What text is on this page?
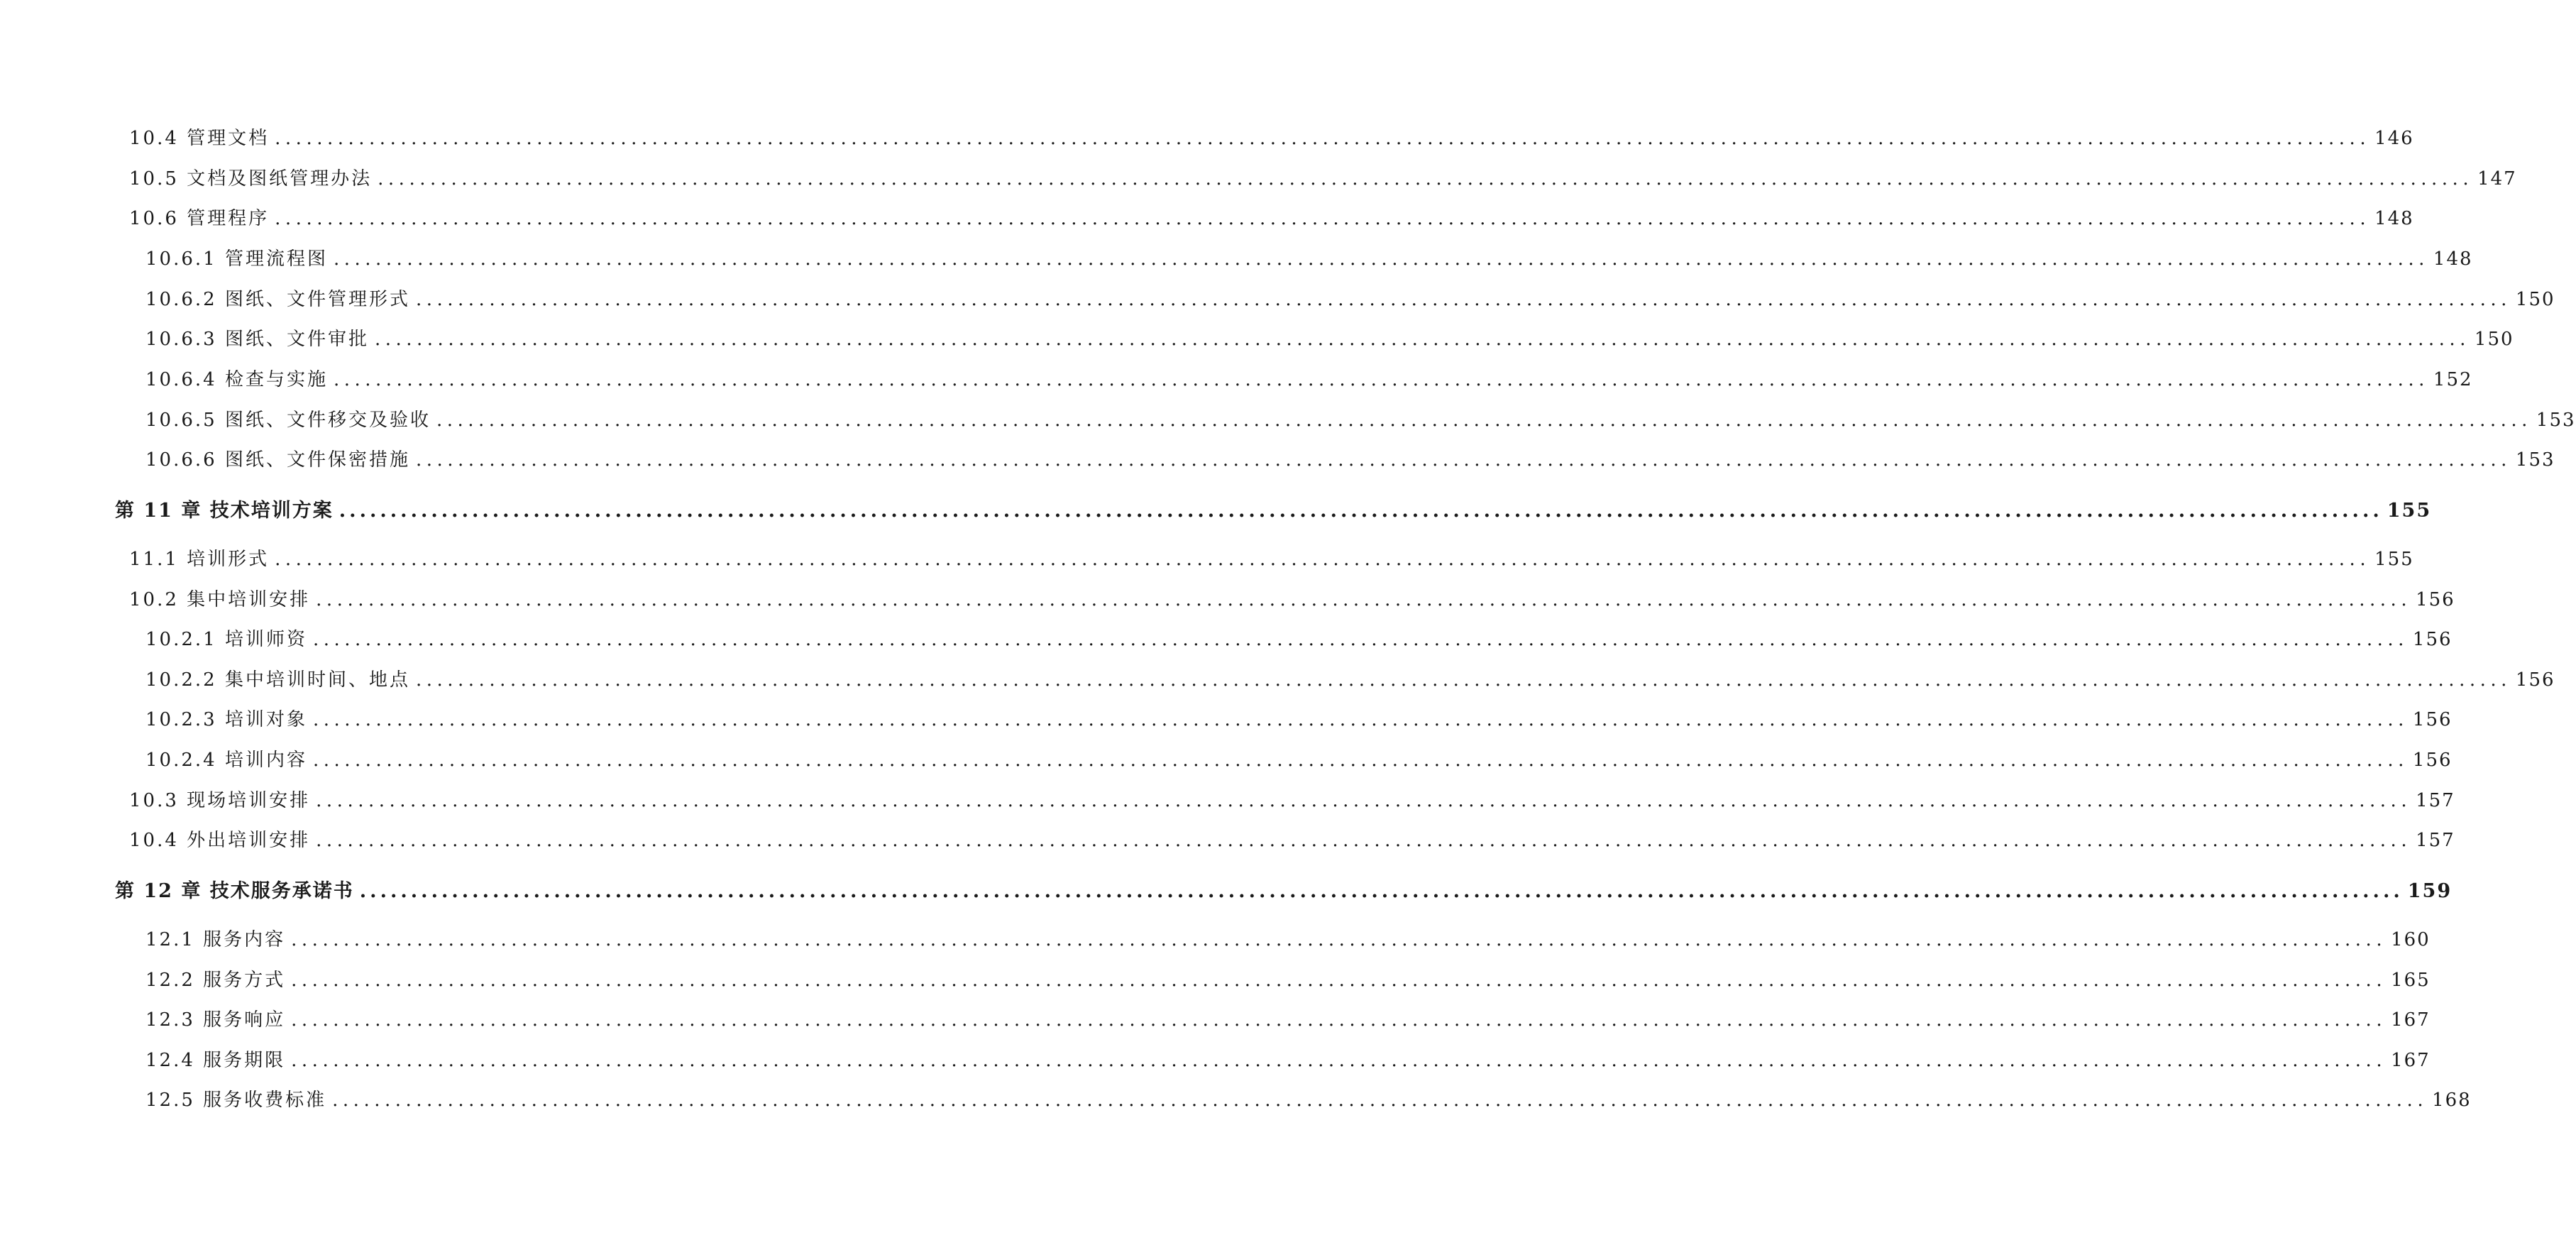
10.4 管理文档 ........................................................................................................................................................................................................ 146
10.5 文档及图纸管理办法 ........................................................................................................................................................................................................ 147
10.6 管理程序 ........................................................................................................................................................................................................ 148
10.6.1 管理流程图 ........................................................................................................................................................................................................ 148
10.6.2 图纸、文件管理形式 ........................................................................................................................................................................................................ 150
10.6.3 图纸、文件审批 ........................................................................................................................................................................................................ 150
10.6.4 检查与实施 ........................................................................................................................................................................................................ 152
10.6.5 图纸、文件移交及验收 ........................................................................................................................................................................................................ 153
10.6.6 图纸、文件保密措施 ........................................................................................................................................................................................................ 153
第 11 章 技术培训方案 ........................................................................................................................................................................................................ 155
11.1 培训形式 ........................................................................................................................................................................................................ 155
10.2 集中培训安排 ........................................................................................................................................................................................................ 156
10.2.1 培训师资 ........................................................................................................................................................................................................ 156
10.2.2 集中培训时间、地点 ........................................................................................................................................................................................................ 156
10.2.3 培训对象 ........................................................................................................................................................................................................ 156
10.2.4 培训内容 ........................................................................................................................................................................................................ 156
10.3 现场培训安排 ........................................................................................................................................................................................................ 157
10.4 外出培训安排 ........................................................................................................................................................................................................ 157
第 12 章 技术服务承诺书 ........................................................................................................................................................................................................ 159
12.1 服务内容 ........................................................................................................................................................................................................ 160
12.2 服务方式 ........................................................................................................................................................................................................ 165
12.3 服务响应 ........................................................................................................................................................................................................ 167
12.4 服务期限 ........................................................................................................................................................................................................ 167
12.5 服务收费标准 ........................................................................................................................................................................................................ 168
